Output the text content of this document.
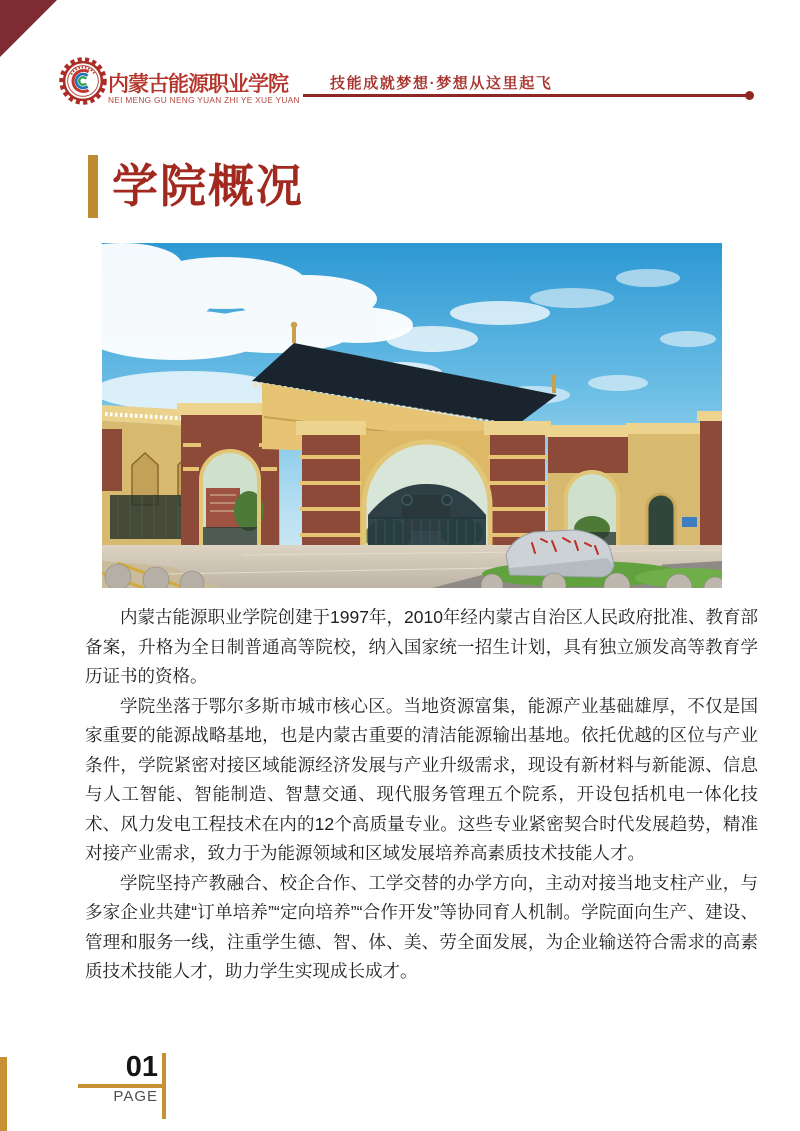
内蒙古能源职业学院
NEI MENG GU NENG YUAN ZHI YE XUE YUAN
技能成就梦想·梦想从这里起飞
学院概况

内蒙古能源职业学院创建于1997年，2010年经内蒙古自治区人民政府批准、教育部备案，升格为全日制普通高等院校，纳入国家统一招生计划，具有独立颁发高等教育学历证书的资格。

学院坐落于鄂尔多斯市城市核心区。当地资源富集，能源产业基础雄厚，不仅是国家重要的能源战略基地，也是内蒙古重要的清洁能源输出基地。依托优越的区位与产业条件，学院紧密对接区域能源经济发展与产业升级需求，现设有新材料与新能源、信息与人工智能、智能制造、智慧交通、现代服务管理五个院系，开设包括机电一体化技术、风力发电工程技术在内的12个高质量专业。这些专业紧密契合时代发展趋势，精准对接产业需求，致力于为能源领域和区域发展培养高素质技术技能人才。

学院坚持产教融合、校企合作、工学交替的办学方向，主动对接当地支柱产业，与多家企业共建“订单培养”“定向培养”“合作开发”等协同育人机制。学院面向生产、建设、管理和服务一线，注重学生德、智、体、美、劳全面发展，为企业输送符合需求的高素质技术技能人才，助力学生实现成长成才。

01
PAGE
